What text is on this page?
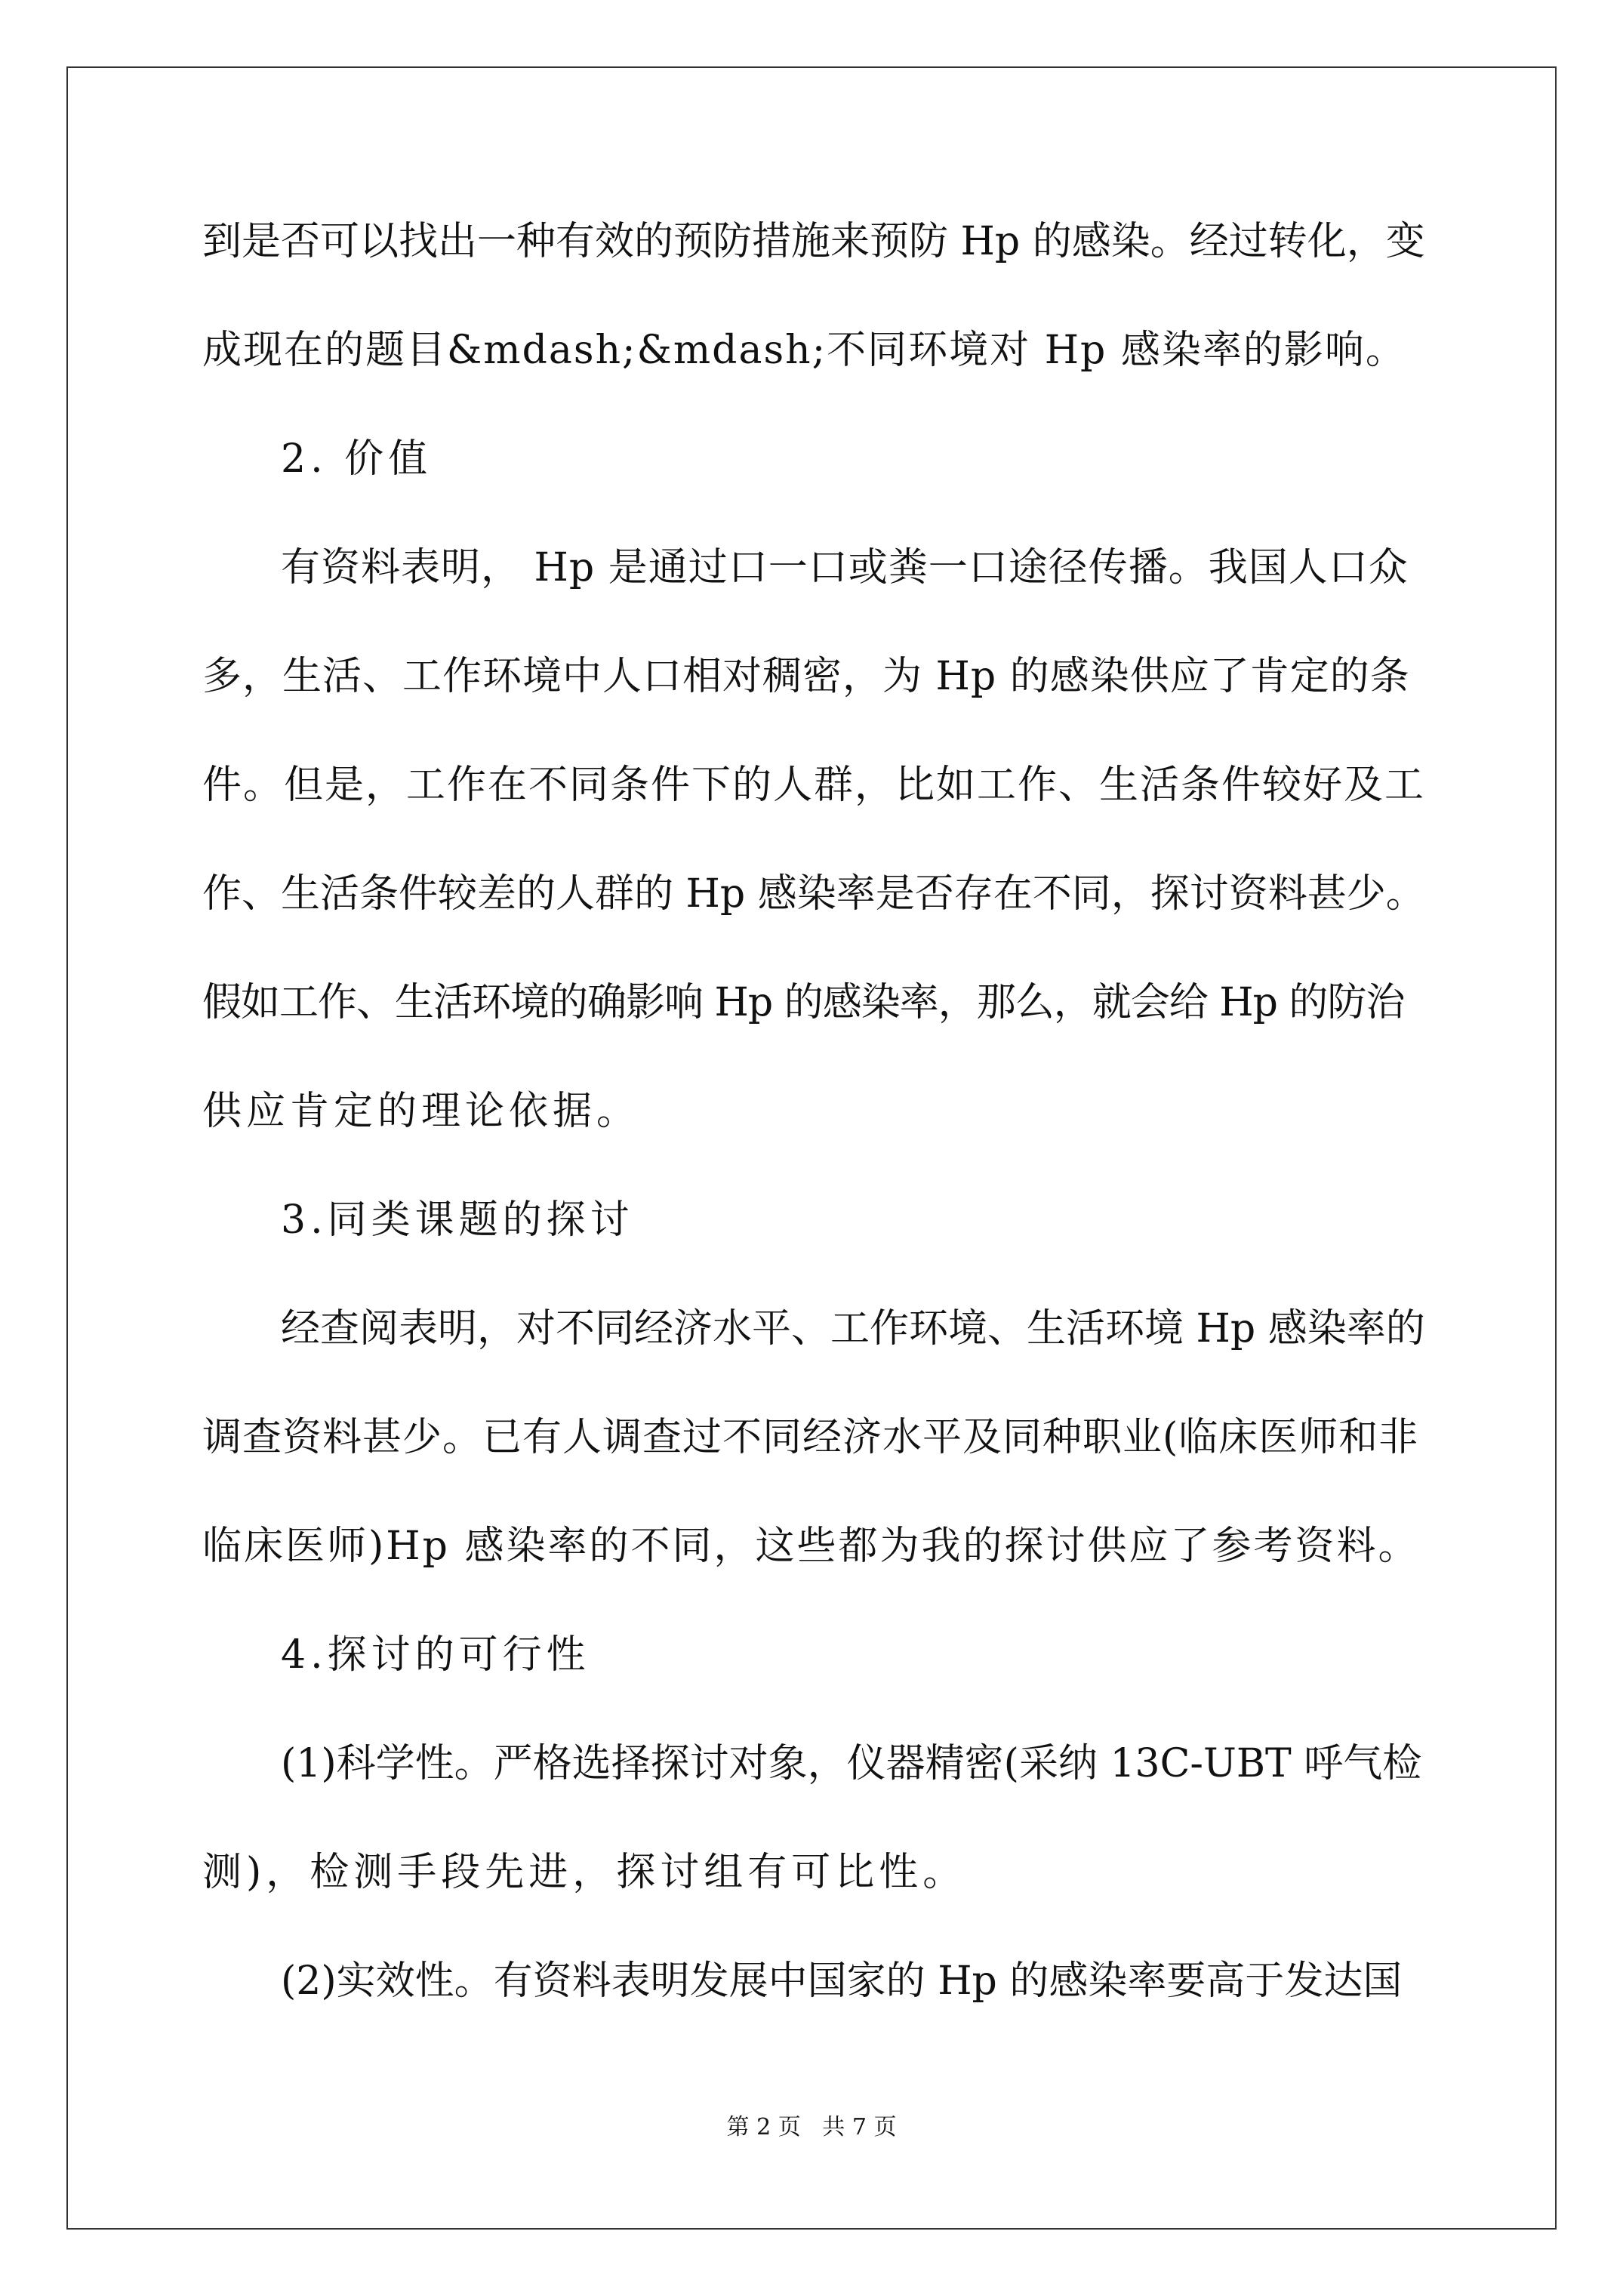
到是否可以找出一种有效的预防措施来预防 Hp 的感染。经过转化，变
成现在的题目&mdash;&mdash;不同环境对 Hp 感染率的影响。
2. 价值
有资料表明， Hp 是通过口一口或粪一口途径传播。我国人口众
多，生活、工作环境中人口相对稠密，为 Hp 的感染供应了肯定的条
件。但是，工作在不同条件下的人群，比如工作、生活条件较好及工
作、生活条件较差的人群的 Hp 感染率是否存在不同，探讨资料甚少。
假如工作、生活环境的确影响 Hp 的感染率，那么，就会给 Hp 的防治
供应肯定的理论依据。
3.同类课题的探讨
经查阅表明，对不同经济水平、工作环境、生活环境 Hp 感染率的
调查资料甚少。已有人调查过不同经济水平及同种职业(临床医师和非
临床医师)Hp 感染率的不同，这些都为我的探讨供应了参考资料。
4.探讨的可行性
(1)科学性。严格选择探讨对象，仪器精密(采纳 13C-UBT 呼气检
测)，检测手段先进，探讨组有可比性。
(2)实效性。有资料表明发展中国家的 Hp 的感染率要高于发达国
第 2 页   共 7 页
